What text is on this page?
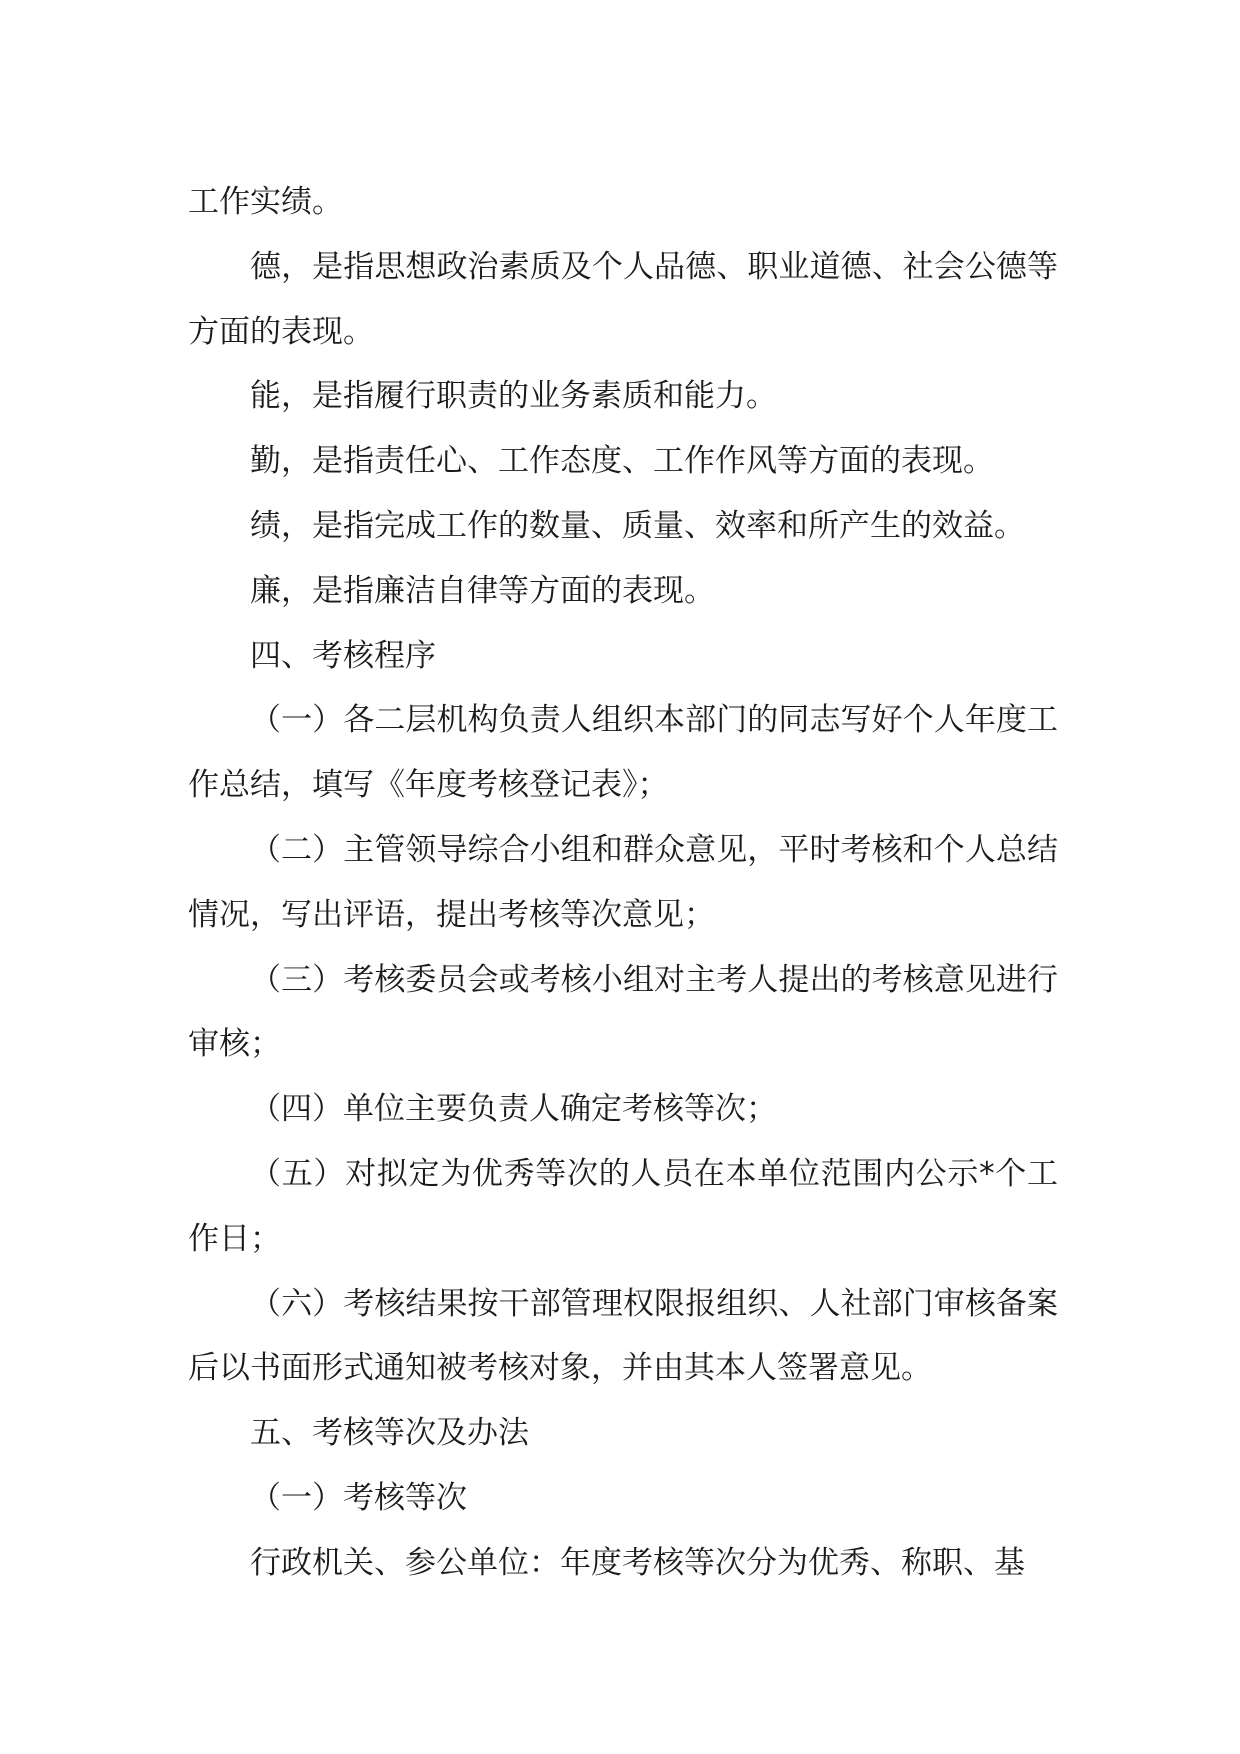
工作实绩。

德，是指思想政治素质及个人品德、职业道德、社会公德等方面的表现。

能，是指履行职责的业务素质和能力。

勤，是指责任心、工作态度、工作作风等方面的表现。

绩，是指完成工作的数量、质量、效率和所产生的效益。

廉，是指廉洁自律等方面的表现。

四、考核程序

（一）各二层机构负责人组织本部门的同志写好个人年度工作总结，填写《年度考核登记表》；

（二）主管领导综合小组和群众意见，平时考核和个人总结情况，写出评语，提出考核等次意见；

（三）考核委员会或考核小组对主考人提出的考核意见进行审核；

（四）单位主要负责人确定考核等次；

（五）对拟定为优秀等次的人员在本单位范围内公示*个工作日；

（六）考核结果按干部管理权限报组织、人社部门审核备案后以书面形式通知被考核对象，并由其本人签署意见。

五、考核等次及办法

（一）考核等次

行政机关、参公单位：年度考核等次分为优秀、称职、基
